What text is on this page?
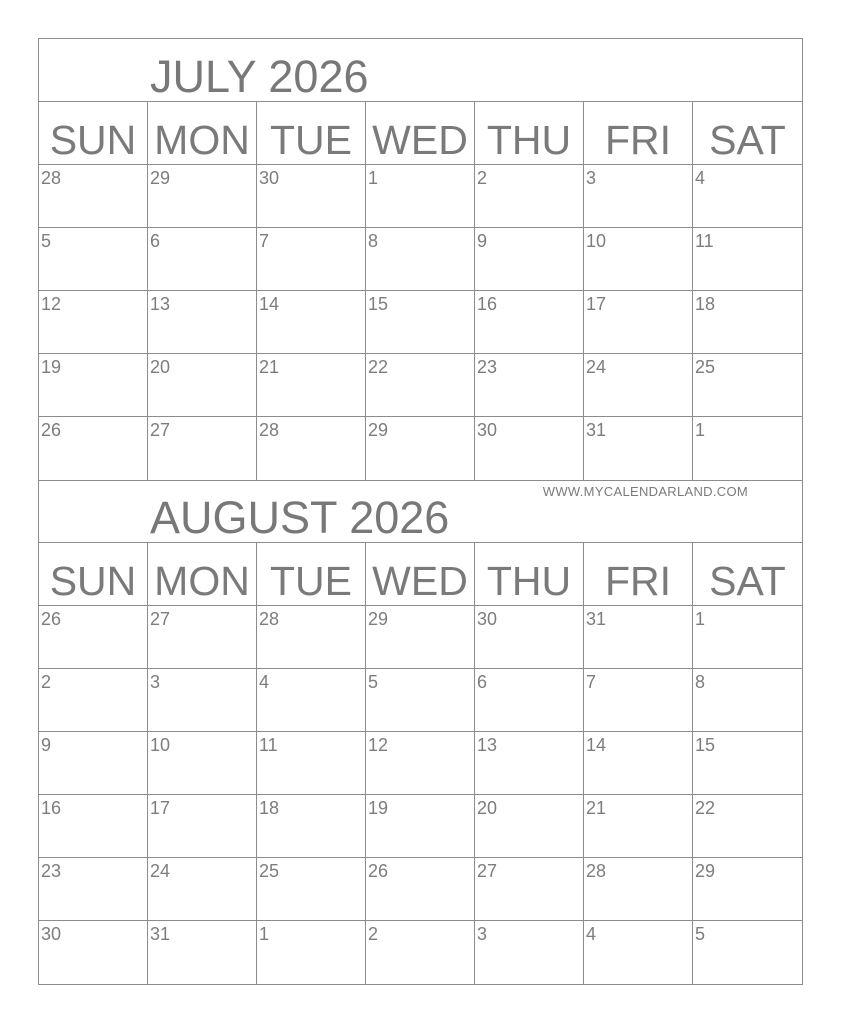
JULY 2026
SUN MON TUE WED THU FRI SAT
28	29	30	1	2	3	4
5	6	7	8	9	10	11
12	13	14	15	16	17	18
19	20	21	22	23	24	25
26	27	28	29	30	31	1
WWW.MYCALENDARLAND.COM
AUGUST 2026
SUN MON TUE WED THU FRI SAT
26	27	28	29	30	31	1
2	3	4	5	6	7	8
9	10	11	12	13	14	15
16	17	18	19	20	21	22
23	24	25	26	27	28	29
30	31	1	2	3	4	5
